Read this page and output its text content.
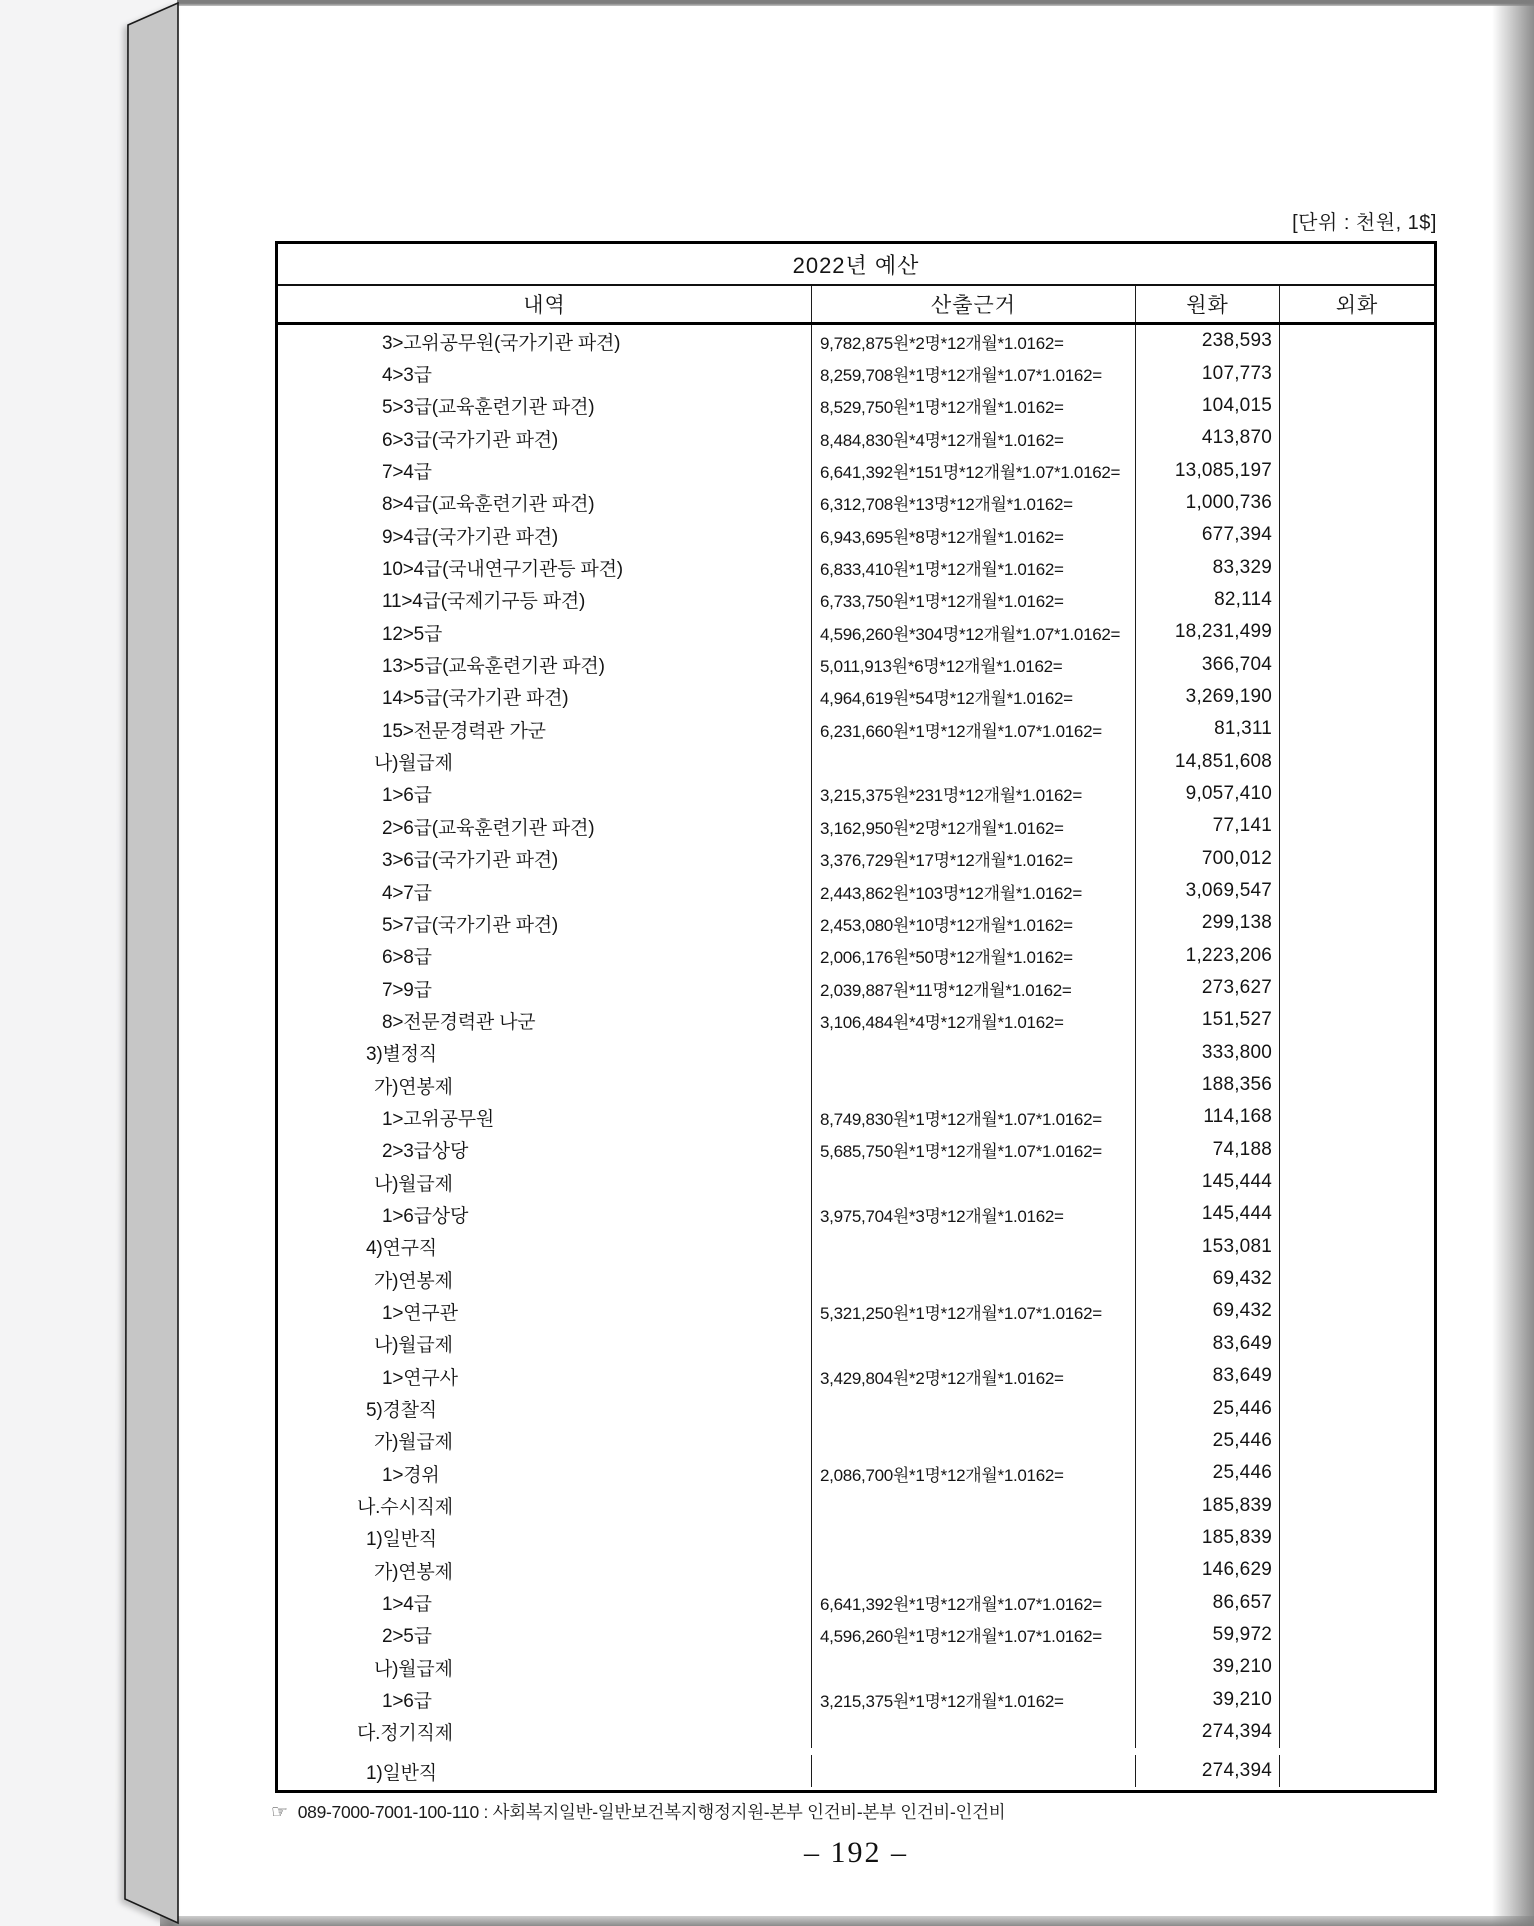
[단위 : 천원, 1$]
2022년 예산
내역	산출근거	원화	외화
3>고위공무원(국가기관 파견)	9,782,875원*2명*12개월*1.0162=	238,593
4>3급	8,259,708원*1명*12개월*1.07*1.0162=	107,773
5>3급(교육훈련기관 파견)	8,529,750원*1명*12개월*1.0162=	104,015
6>3급(국가기관 파견)	8,484,830원*4명*12개월*1.0162=	413,870
7>4급	6,641,392원*151명*12개월*1.07*1.0162=	13,085,197
8>4급(교육훈련기관 파견)	6,312,708원*13명*12개월*1.0162=	1,000,736
9>4급(국가기관 파견)	6,943,695원*8명*12개월*1.0162=	677,394
10>4급(국내연구기관등 파견)	6,833,410원*1명*12개월*1.0162=	83,329
11>4급(국제기구등 파견)	6,733,750원*1명*12개월*1.0162=	82,114
12>5급	4,596,260원*304명*12개월*1.07*1.0162=	18,231,499
13>5급(교육훈련기관 파견)	5,011,913원*6명*12개월*1.0162=	366,704
14>5급(국가기관 파견)	4,964,619원*54명*12개월*1.0162=	3,269,190
15>전문경력관 가군	6,231,660원*1명*12개월*1.07*1.0162=	81,311
나)월급제	14,851,608
1>6급	3,215,375원*231명*12개월*1.0162=	9,057,410
2>6급(교육훈련기관 파견)	3,162,950원*2명*12개월*1.0162=	77,141
3>6급(국가기관 파견)	3,376,729원*17명*12개월*1.0162=	700,012
4>7급	2,443,862원*103명*12개월*1.0162=	3,069,547
5>7급(국가기관 파견)	2,453,080원*10명*12개월*1.0162=	299,138
6>8급	2,006,176원*50명*12개월*1.0162=	1,223,206
7>9급	2,039,887원*11명*12개월*1.0162=	273,627
8>전문경력관 나군	3,106,484원*4명*12개월*1.0162=	151,527
3)별정직	333,800
가)연봉제	188,356
1>고위공무원	8,749,830원*1명*12개월*1.07*1.0162=	114,168
2>3급상당	5,685,750원*1명*12개월*1.07*1.0162=	74,188
나)월급제	145,444
1>6급상당	3,975,704원*3명*12개월*1.0162=	145,444
4)연구직	153,081
가)연봉제	69,432
1>연구관	5,321,250원*1명*12개월*1.07*1.0162=	69,432
나)월급제	83,649
1>연구사	3,429,804원*2명*12개월*1.0162=	83,649
5)경찰직	25,446
가)월급제	25,446
1>경위	2,086,700원*1명*12개월*1.0162=	25,446
나.수시직제	185,839
1)일반직	185,839
가)연봉제	146,629
1>4급	6,641,392원*1명*12개월*1.07*1.0162=	86,657
2>5급	4,596,260원*1명*12개월*1.07*1.0162=	59,972
나)월급제	39,210
1>6급	3,215,375원*1명*12개월*1.0162=	39,210
다.정기직제	274,394
1)일반직	274,394
☞ 089-7000-7001-100-110 : 사회복지일반-일반보건복지행정지원-본부 인건비-본부 인건비-인건비
– 192 –
